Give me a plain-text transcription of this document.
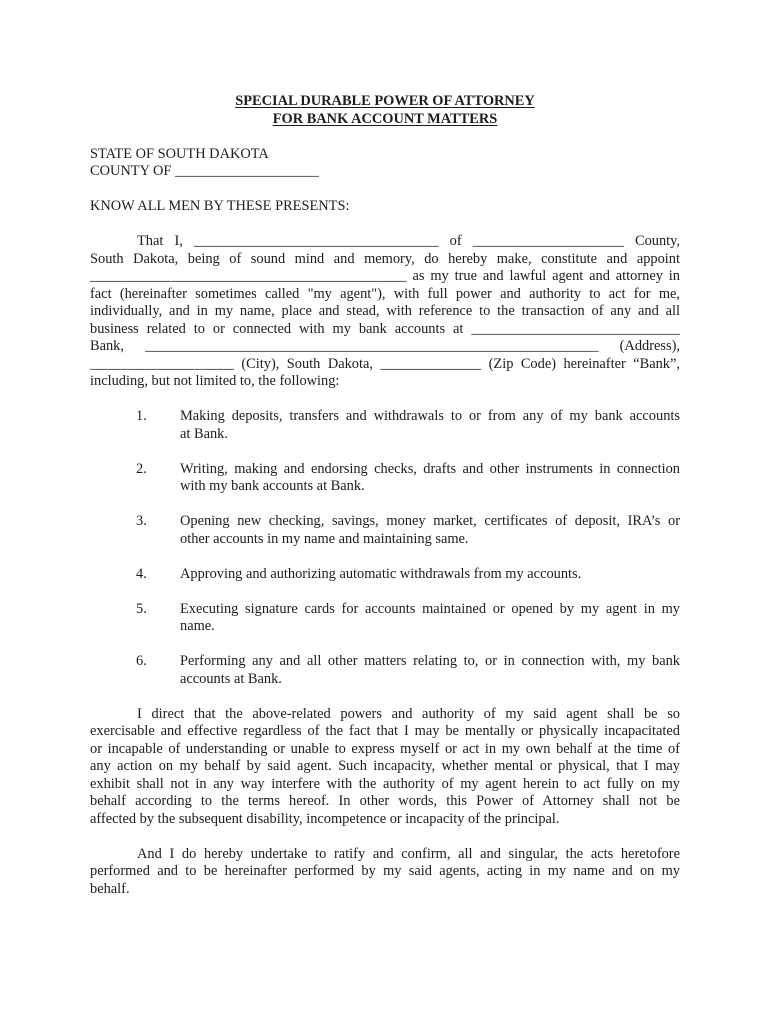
SPECIAL DURABLE POWER OF ATTORNEY
FOR BANK ACCOUNT MATTERS
STATE OF SOUTH DAKOTA
COUNTY OF ____________________
KNOW ALL MEN BY THESE PRESENTS:
That I, __________________________________ of _____________________ County,
South Dakota, being of sound mind and memory, do hereby make, constitute and appoint
____________________________________________ as my true and lawful agent and attorney in
fact (hereinafter sometimes called "my agent"), with full power and authority to act for me,
individually, and in my name, place and stead, with reference to the transaction of any and all
business related to or connected with my bank accounts at _____________________________
Bank, _______________________________________________________________ (Address),
____________________ (City), South Dakota, ______________ (Zip Code) hereinafter “Bank”,
including, but not limited to, the following:
1. Making deposits, transfers and withdrawals to or from any of my bank accounts
at Bank.
2. Writing, making and endorsing checks, drafts and other instruments in connection
with my bank accounts at Bank.
3. Opening new checking, savings, money market, certificates of deposit, IRA’s or
other accounts in my name and maintaining same.
4. Approving and authorizing automatic withdrawals from my accounts.
5. Executing signature cards for accounts maintained or opened by my agent in my
name.
6. Performing any and all other matters relating to, or in connection with, my bank
accounts at Bank.
I direct that the above-related powers and authority of my said agent shall be so
exercisable and effective regardless of the fact that I may be mentally or physically incapacitated
or incapable of understanding or unable to express myself or act in my own behalf at the time of
any action on my behalf by said agent. Such incapacity, whether mental or physical, that I may
exhibit shall not in any way interfere with the authority of my agent herein to act fully on my
behalf according to the terms hereof. In other words, this Power of Attorney shall not be
affected by the subsequent disability, incompetence or incapacity of the principal.
And I do hereby undertake to ratify and confirm, all and singular, the acts heretofore
performed and to be hereinafter performed by my said agents, acting in my name and on my
behalf.
